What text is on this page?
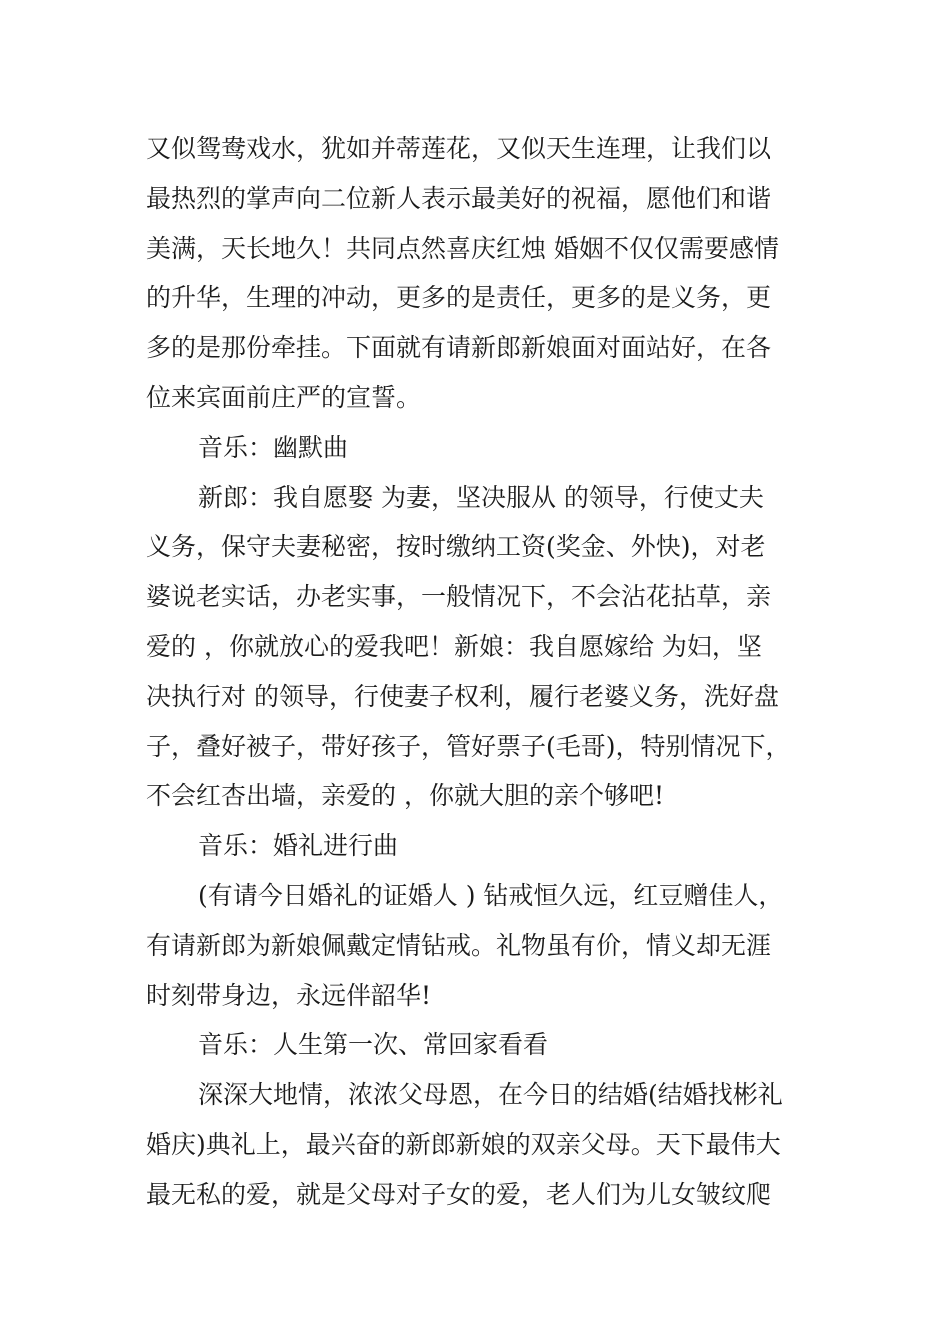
又似鸳鸯戏水，犹如并蒂莲花，又似天生连理，让我们以
最热烈的掌声向二位新人表示最美好的祝福，愿他们和谐
美满，天长地久！共同点然喜庆红烛 婚姻不仅仅需要感情
的升华，生理的冲动，更多的是责任，更多的是义务，更
多的是那份牵挂。下面就有请新郎新娘面对面站好，在各
位来宾面前庄严的宣誓。
音乐：幽默曲
新郎：我自愿娶 为妻，坚决服从 的领导，行使丈夫
义务，保守夫妻秘密，按时缴纳工资(奖金、外快)，对老
婆说老实话，办老实事，一般情况下，不会沾花拈草，亲
爱的 ，你就放心的爱我吧！新娘：我自愿嫁给 为妇，坚
决执行对 的领导，行使妻子权利，履行老婆义务，洗好盘
子，叠好被子，带好孩子，管好票子(毛哥)，特别情况下，
不会红杏出墙，亲爱的 ，你就大胆的亲个够吧!
音乐：婚礼进行曲
(有请今日婚礼的证婚人 ) 钻戒恒久远，红豆赠佳人，
有请新郎为新娘佩戴定情钻戒。礼物虽有价，情义却无涯
时刻带身边，永远伴韶华!
音乐：人生第一次、常回家看看
深深大地情，浓浓父母恩，在今日的结婚(结婚找彬礼
婚庆)典礼上，最兴奋的新郎新娘的双亲父母。天下最伟大
最无私的爱，就是父母对子女的爱，老人们为儿女皱纹爬
